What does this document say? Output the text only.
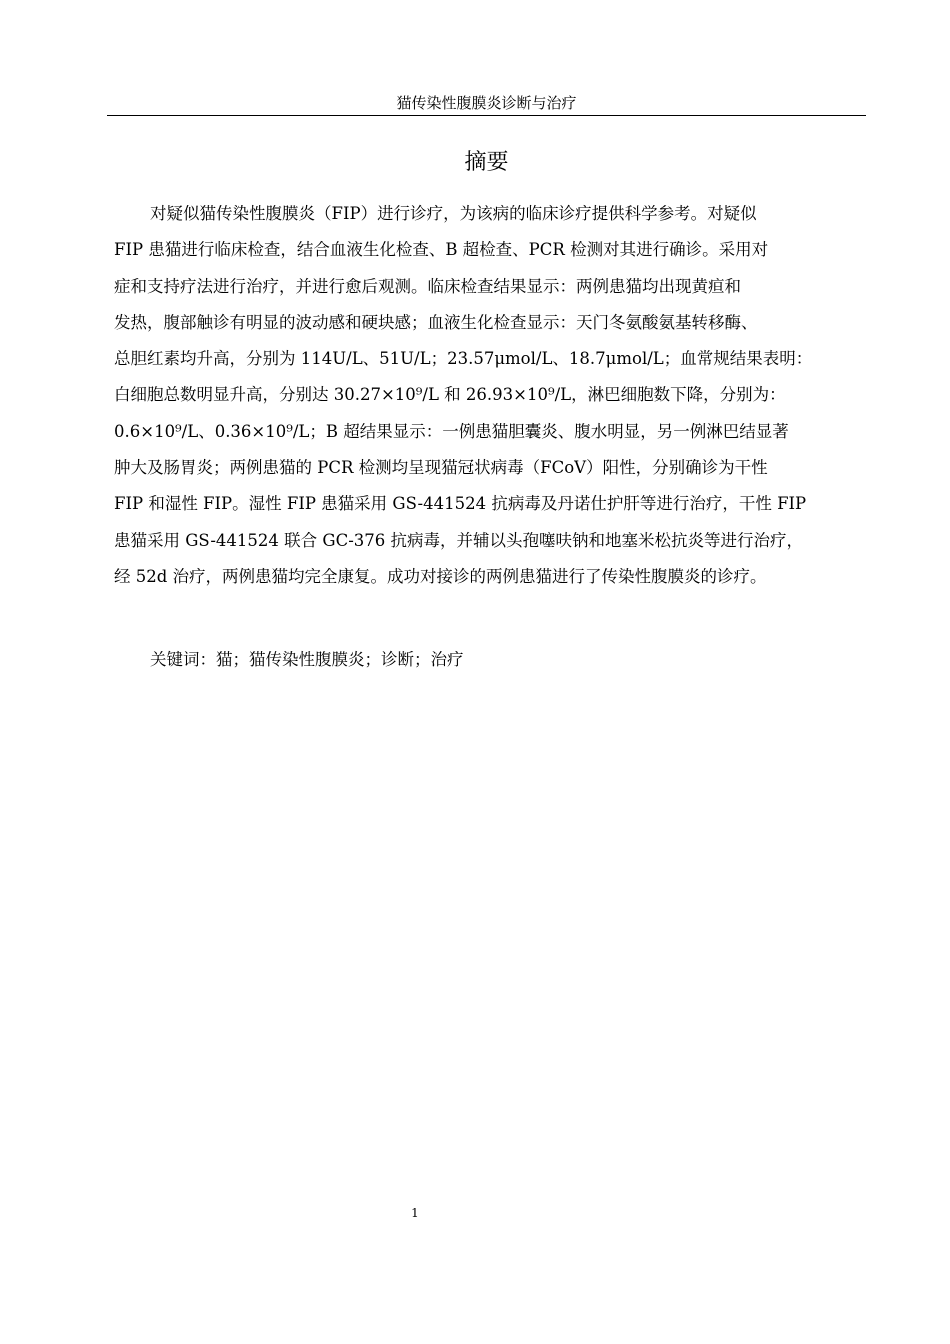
猫传染性腹膜炎诊断与治疗
摘要
对疑似猫传染性腹膜炎（FIP）进行诊疗，为该病的临床诊疗提供科学参考。对疑似
FIP 患猫进行临床检查，结合血液生化检查、B 超检查、PCR 检测对其进行确诊。采用对
症和支持疗法进行治疗，并进行愈后观测。临床检查结果显示：两例患猫均出现黄疸和
发热，腹部触诊有明显的波动感和硬块感；血液生化检查显示：天门冬氨酸氨基转移酶、
总胆红素均升高，分别为 114U/L、51U/L；23.57μmol/L、18.7μmol/L；血常规结果表明：
白细胞总数明显升高，分别达 30.27×10⁹/L 和 26.93×10⁹/L，淋巴细胞数下降，分别为：
0.6×10⁹/L、0.36×10⁹/L；B 超结果显示：一例患猫胆囊炎、腹水明显，另一例淋巴结显著
肿大及肠胃炎；两例患猫的 PCR 检测均呈现猫冠状病毒（FCoV）阳性，分别确诊为干性
FIP 和湿性 FIP。湿性 FIP 患猫采用 GS-441524 抗病毒及丹诺仕护肝等进行治疗，干性 FIP
患猫采用 GS-441524 联合 GC-376 抗病毒，并辅以头孢噻呋钠和地塞米松抗炎等进行治疗，
经 52d 治疗，两例患猫均完全康复。成功对接诊的两例患猫进行了传染性腹膜炎的诊疗。
关键词：猫；猫传染性腹膜炎；诊断；治疗
1
